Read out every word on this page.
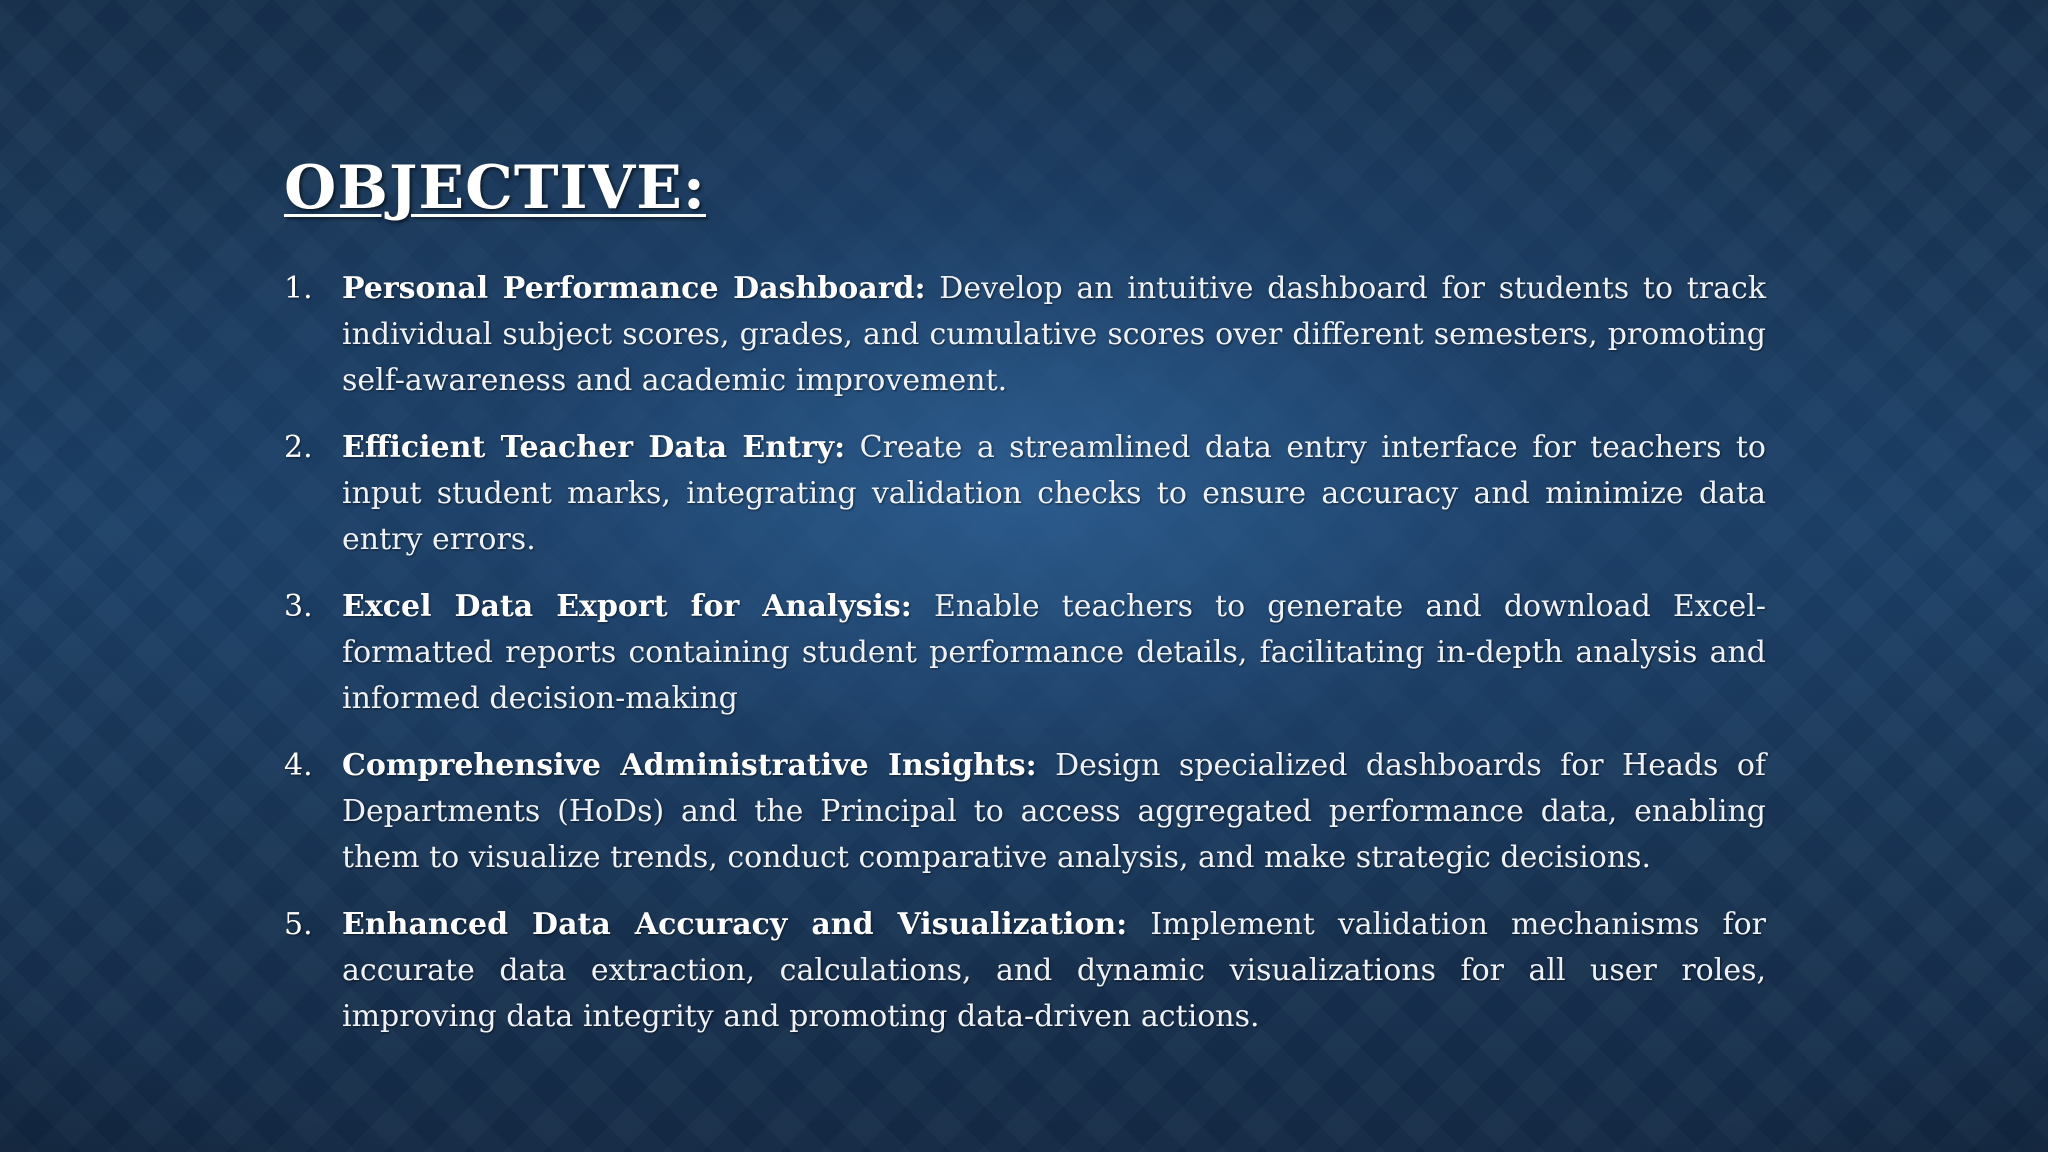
OBJECTIVE:
1. Personal Performance Dashboard: Develop an intuitive dashboard for students to track individual subject scores, grades, and cumulative scores over different semesters, promoting self-awareness and academic improvement.
2. Efficient Teacher Data Entry: Create a streamlined data entry interface for teachers to input student marks, integrating validation checks to ensure accuracy and minimize data entry errors.
3. Excel Data Export for Analysis: Enable teachers to generate and download Excel-formatted reports containing student performance details, facilitating in-depth analysis and informed decision-making
4. Comprehensive Administrative Insights: Design specialized dashboards for Heads of Departments (HoDs) and the Principal to access aggregated performance data, enabling them to visualize trends, conduct comparative analysis, and make strategic decisions.
5. Enhanced Data Accuracy and Visualization: Implement validation mechanisms for accurate data extraction, calculations, and dynamic visualizations for all user roles, improving data integrity and promoting data-driven actions.
